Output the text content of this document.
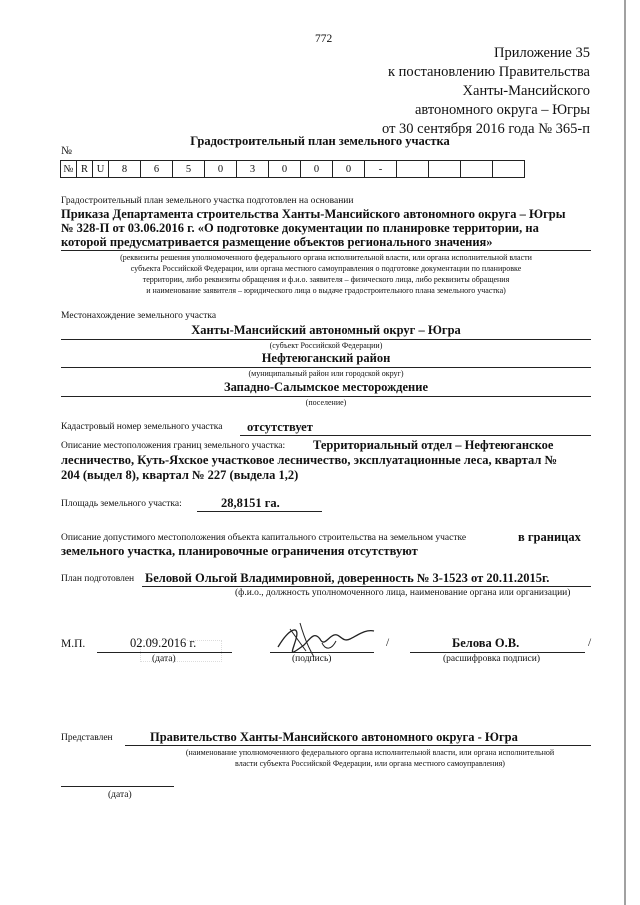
772
Приложение 35
к постановлению Правительства
Ханты-Мансийского
автономного округа – Югры
от 30 сентября 2016 года № 365-п
Градостроительный план земельного участка
№
№	R	U	8	6	5	0	3	0	0	0	-				
Градостроительный план земельного участка подготовлен на основании
Приказа Департамента строительства Ханты-Мансийского автономного округа – Югры
№ 328-П от 03.06.2016 г. «О подготовке документации по планировке территории, на
которой предусматривается размещение объектов регионального значения»
(реквизиты решения уполномоченного федерального органа исполнительной власти, или органа исполнительной власти
субъекта Российской Федерации, или органа местного самоуправления о подготовке документации по планировке
территории, либо реквизиты обращения и ф.и.о. заявителя – физического лица, либо реквизиты обращения
и наименование заявителя – юридического лица о выдаче градостроительного плана земельного участка)
Местонахождение земельного участка
Ханты-Мансийский автономный округ – Югра
(субъект Российской Федерации)
Нефтеюганский район
(муниципальный район или городской округ)
Западно-Салымское месторождение
(поселение)
Кадастровый номер земельного участка отсутствует
Описание местоположения границ земельного участка: Территориальный отдел – Нефтеюганское
лесничество, Куть-Яхское участковое лесничество, эксплуатационные леса, квартал №
204 (выдел 8), квартал № 227 (выдела 1,2)
Площадь земельного участка:	28,8151 га.
Описание допустимого местоположения объекта капитального строительства на земельном участке	в границах
земельного участка, планировочные ограничения отсутствуют
План подготовлен Беловой Ольгой Владимировной, доверенность № 3-1523 от 20.11.2015г.
(ф.и.о., должность уполномоченного лица, наименование органа или организации)
М.П.	02.09.2016 г.
(дата)	(подпись)
/	Белова О.В.	/
(расшифровка подписи)
Представлен	Правительство Ханты-Мансийского автономного округа - Югра
(наименование уполномоченного федерального органа исполнительной власти, или органа исполнительной
власти субъекта Российской Федерации, или органа местного самоуправления)
(дата)
